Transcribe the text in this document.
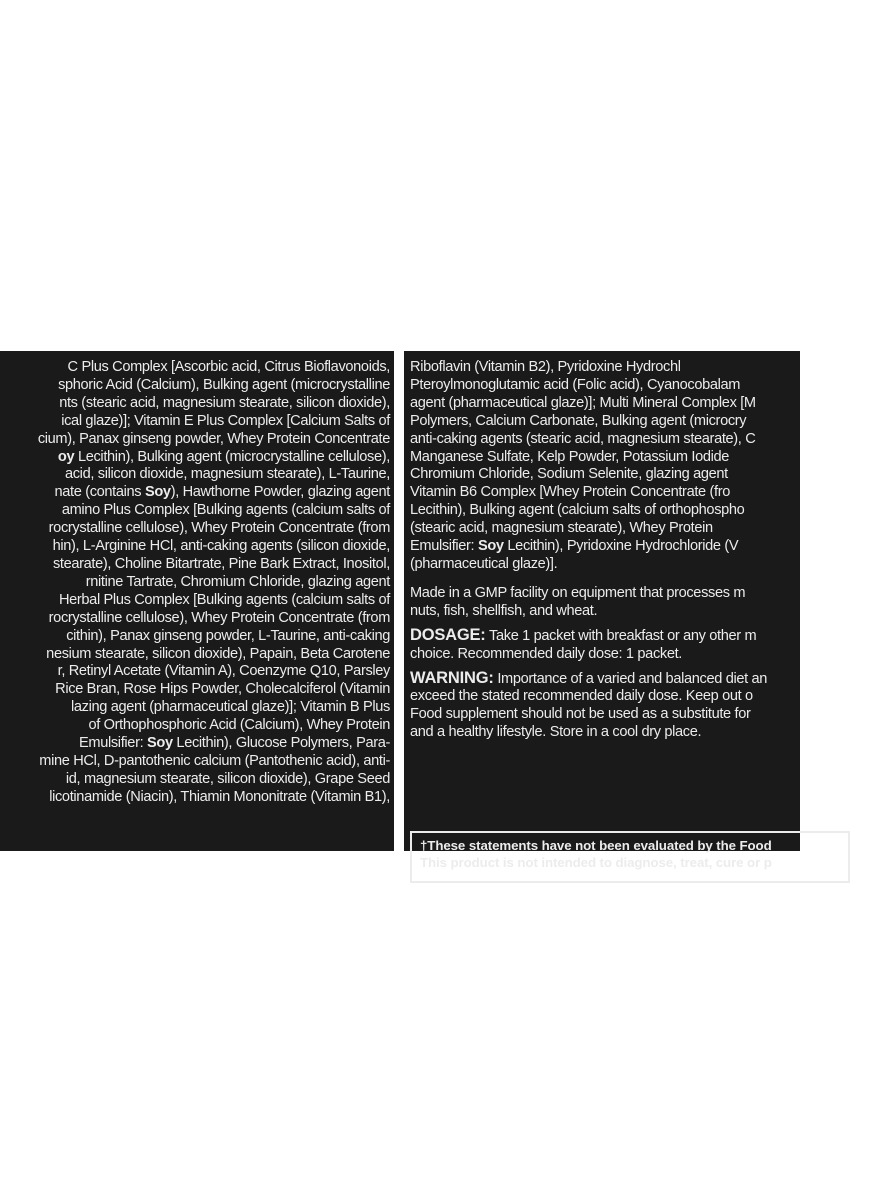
C Plus Complex [Ascorbic acid, Citrus Bioflavonoids,
sphoric Acid (Calcium), Bulking agent (microcrystalline
nts (stearic acid, magnesium stearate, silicon dioxide),
ical glaze)]; Vitamin E Plus Complex [Calcium Salts of
cium), Panax ginseng powder, Whey Protein Concentrate
oy Lecithin), Bulking agent (microcrystalline cellulose),
acid, silicon dioxide, magnesium stearate), L-Taurine,
nate (contains Soy), Hawthorne Powder, glazing agent
amino Plus Complex [Bulking agents (calcium salts of
rocrystalline cellulose), Whey Protein Concentrate (from
hin), L-Arginine HCl, anti-caking agents (silicon dioxide,
stearate), Choline Bitartrate, Pine Bark Extract, Inositol,
rnitine Tartrate, Chromium Chloride, glazing agent
Herbal Plus Complex [Bulking agents (calcium salts of
rocrystalline cellulose), Whey Protein Concentrate (from
cithin), Panax ginseng powder, L-Taurine, anti-caking
nesium stearate, silicon dioxide), Papain, Beta Carotene
r, Retinyl Acetate (Vitamin A), Coenzyme Q10, Parsley
Rice Bran, Rose Hips Powder, Cholecalciferol (Vitamin
lazing agent (pharmaceutical glaze)]; Vitamin B Plus
of Orthophosphoric Acid (Calcium), Whey Protein
Emulsifier: Soy Lecithin), Glucose Polymers, Para-
mine HCl, D-pantothenic calcium (Pantothenic acid), anti-
id, magnesium stearate, silicon dioxide), Grape Seed
licotinamide (Niacin), Thiamin Mononitrate (Vitamin B1),
Riboflavin (Vitamin B2), Pyridoxine Hydrochl
Pteroylmonoglutamic acid (Folic acid), Cyanocobalam
agent (pharmaceutical glaze)]; Multi Mineral Complex [M
Polymers, Calcium Carbonate, Bulking agent (microcry
anti-caking agents (stearic acid, magnesium stearate), C
Manganese Sulfate, Kelp Powder, Potassium Iodide
Chromium Chloride, Sodium Selenite, glazing agent
Vitamin B6 Complex [Whey Protein Concentrate (fro
Lecithin), Bulking agent (calcium salts of orthophospho
(stearic acid, magnesium stearate), Whey Protein
Emulsifier: Soy Lecithin), Pyridoxine Hydrochloride (V
(pharmaceutical glaze)].
Made in a GMP facility on equipment that processes m
nuts, fish, shellfish, and wheat.
DOSAGE: Take 1 packet with breakfast or any other m
choice. Recommended daily dose: 1 packet.
WARNING: Importance of a varied and balanced diet an
exceed the stated recommended daily dose. Keep out o
Food supplement should not be used as a substitute for
and a healthy lifestyle. Store in a cool dry place.
†These statements have not been evaluated by the Food
This product is not intended to diagnose, treat, cure or p
